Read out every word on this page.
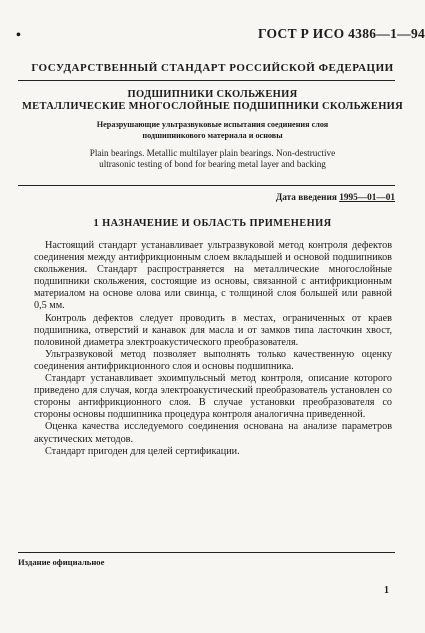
•	ГОСТ Р ИСО 4386—1—94
ГОСУДАРСТВЕННЫЙ СТАНДАРТ РОССИЙСКОЙ ФЕДЕРАЦИИ
ПОДШИПНИКИ СКОЛЬЖЕНИЯ
МЕТАЛЛИЧЕСКИЕ МНОГОСЛОЙНЫЕ ПОДШИПНИКИ СКОЛЬЖЕНИЯ
Неразрушающие ультразвуковые испытания соединения слоя
подшипникового материала и основы
Plain bearings. Metallic multilayer plain bearings. Non-destructive
ultrasonic testing of bond for bearing metal layer and backing
Дата введения 1995—01—01
1 НАЗНАЧЕНИЕ И ОБЛАСТЬ ПРИМЕНЕНИЯ

Настоящий стандарт устанавливает ультразвуковой метод контроля дефектов соединения между антифрикционным слоем вкладышей и основой подшипников скольжения. Стандарт распространяется на металлические многослойные подшипники скольжения, состоящие из основы, связанной с антифрикционным материалом на основе олова или свинца, с толщиной слоя большей или равной 0,5 мм.

Контроль дефектов следует проводить в местах, ограниченных от краев подшипника, отверстий и канавок для масла и от замков типа ласточкин хвост, половиной диаметра электроакустического преобразователя.

Ультразвуковой метод позволяет выполнять только качественную оценку соединения антифрикционного слоя и основы подшипника.

Стандарт устанавливает эхоимпульсный метод контроля, описание которого приведено для случая, когда электроакустический преобразователь установлен со стороны антифрикционного слоя. В случае установки преобразователя со стороны основы подшипника процедура контроля аналогична приведенной.

Оценка качества исследуемого соединения основана на анализе параметров акустических методов.

Стандарт пригоден для целей сертификации.

Издание официальное
1
